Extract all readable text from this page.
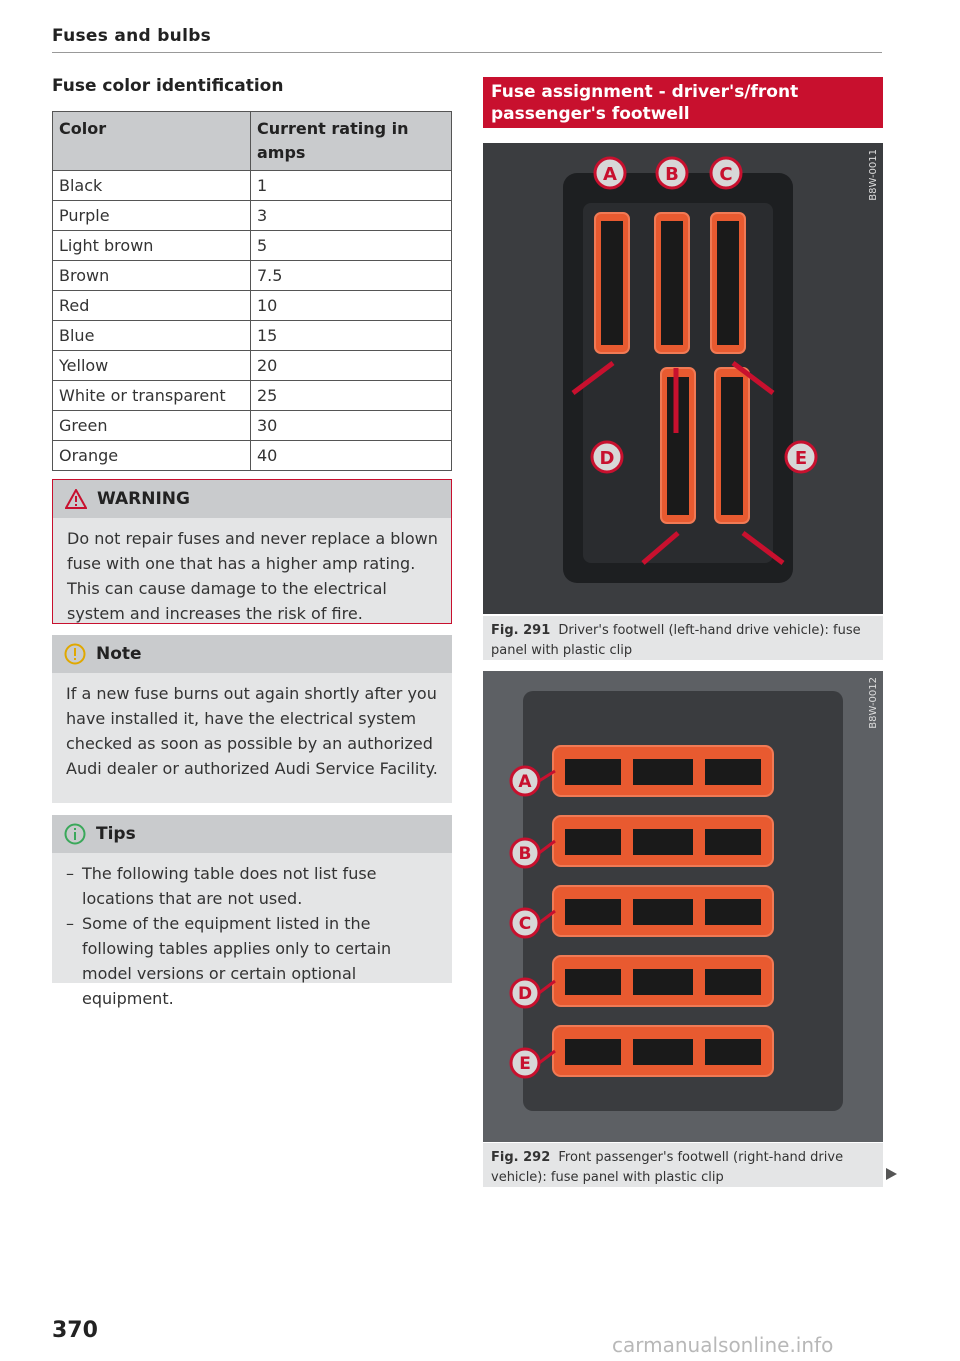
Fuses and bulbs
Fuse color identification
Color	Current rating in amps
Black	1
Purple	3
Light brown	5
Brown	7.5
Red	10
Blue	15
Yellow	20
White or transparent	25
Green	30
Orange	40
WARNING
Do not repair fuses and never replace a blown fuse with one that has a higher amp rating. This can cause damage to the electrical system and increases the risk of fire.
Note
If a new fuse burns out again shortly after you have installed it, have the electrical system checked as soon as possible by an authorized Audi dealer or authorized Audi Service Facility.
Tips
– The following table does not list fuse locations that are not used.
– Some of the equipment listed in the following tables applies only to certain model versions or certain optional equipment.
Fuse assignment - driver's/front passenger's footwell
A	B C
D	E
B8W-0011
Fig. 291 Driver's footwell (left-hand drive vehicle): fuse panel with plastic clip
A
B
C
D
E
B8W-0012
Fig. 292 Front passenger's footwell (right-hand drive vehicle): fuse panel with plastic clip
370
carmanualsonline.info
